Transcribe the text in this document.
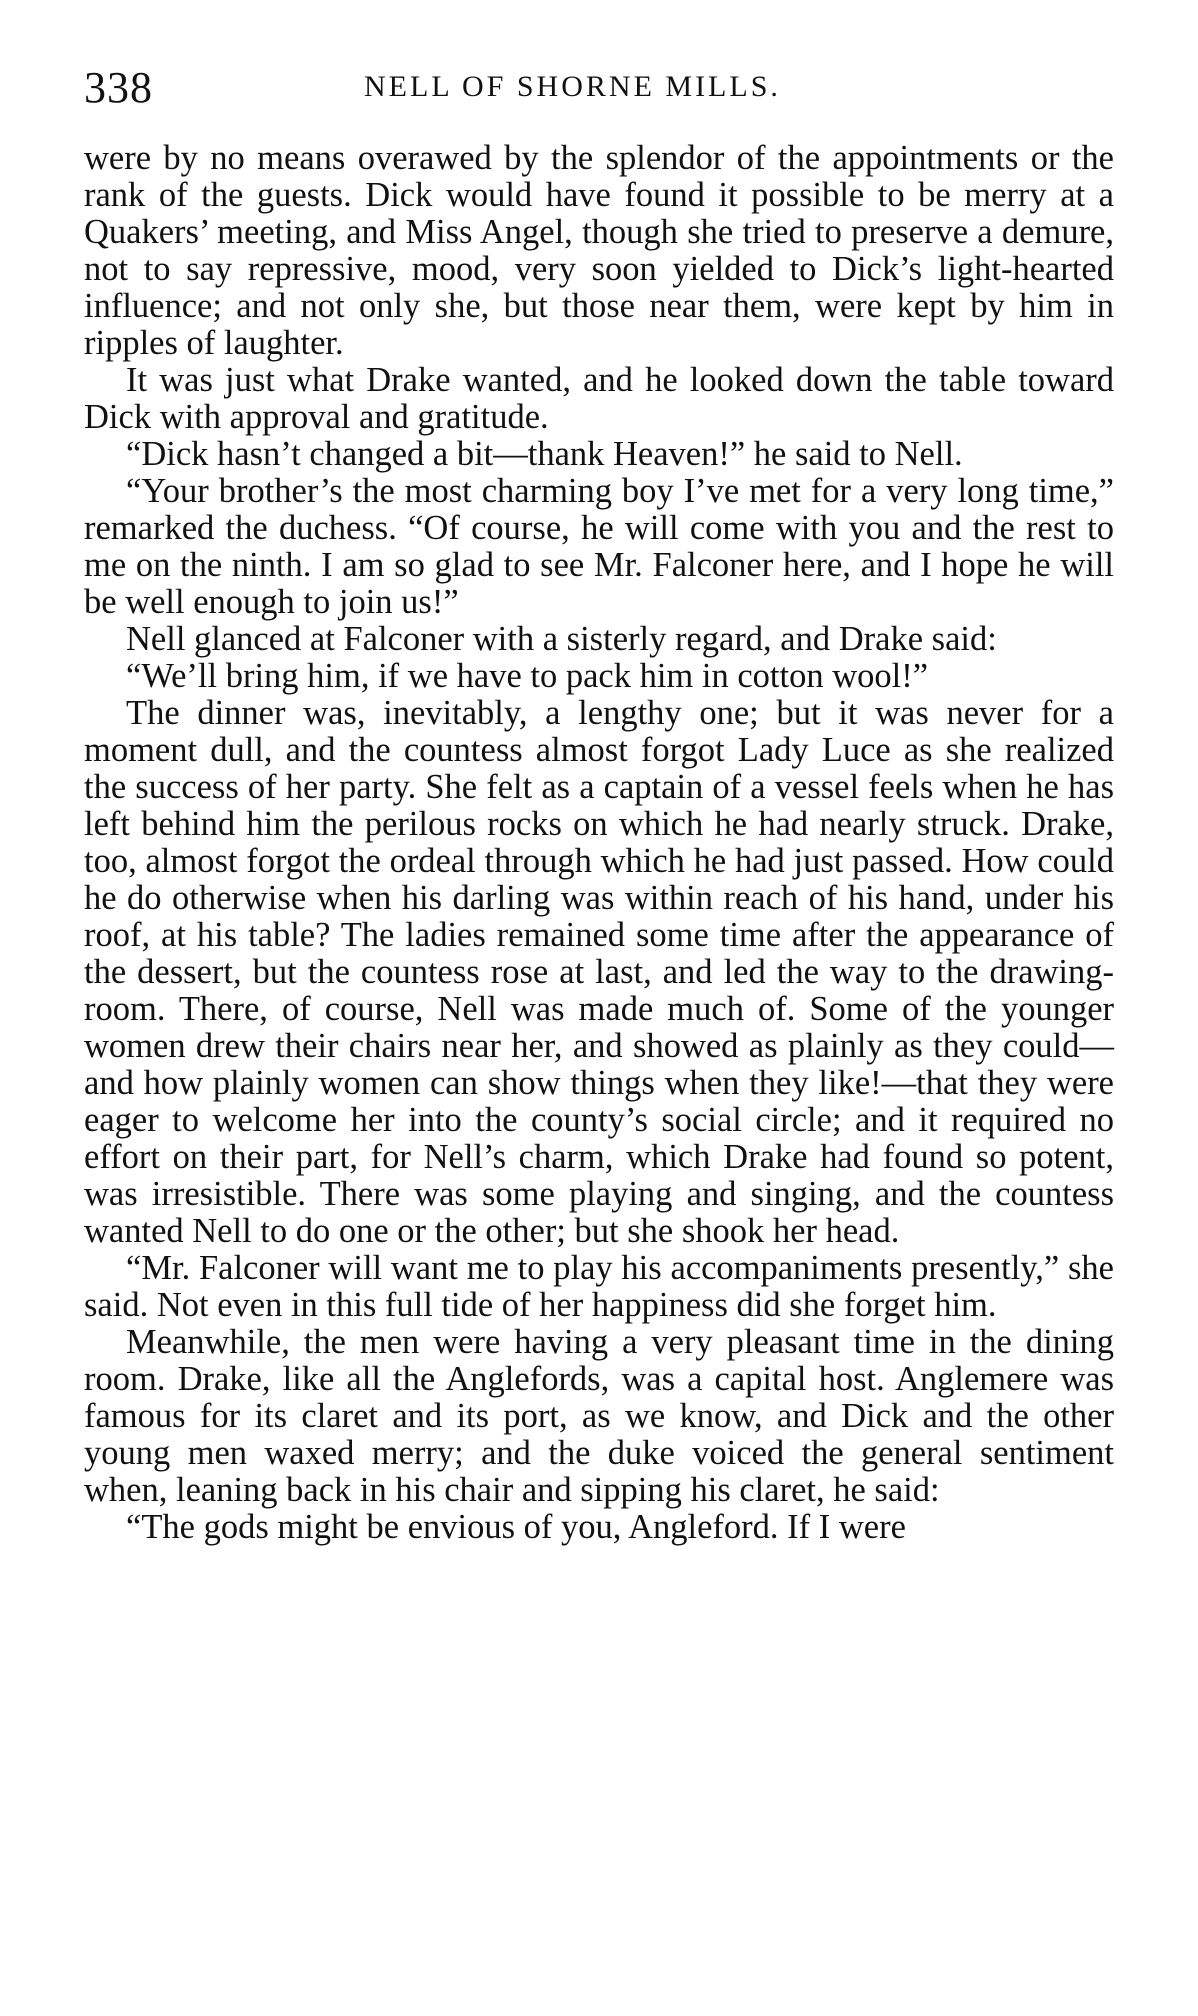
338	NELL OF SHORNE MILLS.

were by no means overawed by the splendor of the appointments or the rank of the guests. Dick would have found it possible to be merry at a Quakers’ meeting, and Miss Angel, though she tried to preserve a demure, not to say repressive, mood, very soon yielded to Dick’s light-hearted influence; and not only she, but those near them, were kept by him in ripples of laughter.

It was just what Drake wanted, and he looked down the table toward Dick with approval and gratitude.

“Dick hasn’t changed a bit—thank Heaven!” he said to Nell.

“Your brother’s the most charming boy I’ve met for a very long time,” remarked the duchess. “Of course, he will come with you and the rest to me on the ninth. I am so glad to see Mr. Falconer here, and I hope he will be well enough to join us!”

Nell glanced at Falconer with a sisterly regard, and Drake said:

“We’ll bring him, if we have to pack him in cotton wool!”

The dinner was, inevitably, a lengthy one; but it was never for a moment dull, and the countess almost forgot Lady Luce as she realized the success of her party. She felt as a captain of a vessel feels when he has left behind him the perilous rocks on which he had nearly struck. Drake, too, almost forgot the ordeal through which he had just passed. How could he do otherwise when his darling was within reach of his hand, under his roof, at his table? The ladies remained some time after the appearance of the dessert, but the countess rose at last, and led the way to the drawing-room. There, of course, Nell was made much of. Some of the younger women drew their chairs near her, and showed as plainly as they could—and how plainly women can show things when they like!—that they were eager to welcome her into the county’s social circle; and it required no effort on their part, for Nell’s charm, which Drake had found so potent, was irresistible. There was some playing and singing, and the countess wanted Nell to do one or the other; but she shook her head.

“Mr. Falconer will want me to play his accompaniments presently,” she said. Not even in this full tide of her happiness did she forget him.

Meanwhile, the men were having a very pleasant time in the dining room. Drake, like all the Anglefords, was a capital host. Anglemere was famous for its claret and its port, as we know, and Dick and the other young men waxed merry; and the duke voiced the general sentiment when, leaning back in his chair and sipping his claret, he said:

“The gods might be envious of you, Angleford. If I were
